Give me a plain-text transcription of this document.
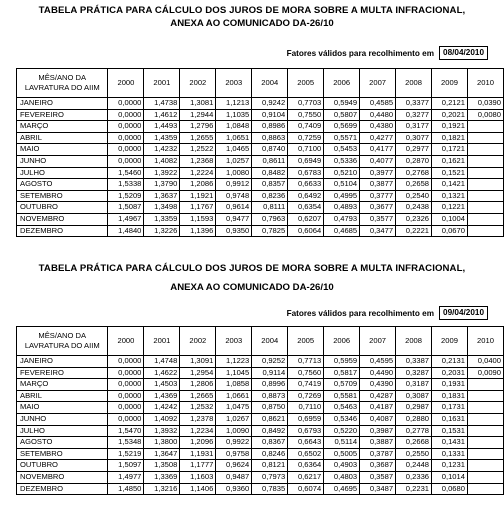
TABELA PRÁTICA PARA CÁLCULO DOS JUROS DE MORA SOBRE A MULTA INFRACIONAL,
ANEXA AO COMUNICADO DA-26/10
Fatores válidos para recolhimento em	08/04/2010
MÊS/ANO DA
LAVRATURA DO AIIM	2000	2001	2002	2003	2004	2005	2006	2007	2008	2009	2010
JANEIRO	0,0000	1,4738	1,3081	1,1213	0,9242	0,7703	0,5949	0,4585	0,3377	0,2121	0,0390
FEVEREIRO	0,0000	1,4612	1,2944	1,1035	0,9104	0,7550	0,5807	0,4480	0,3277	0,2021	0,0080
MARÇO	0,0000	1,4493	1,2796	1,0848	0,8986	0,7409	0,5699	0,4380	0,3177	0,1921	
ABRIL	0,0000	1,4359	1,2655	1,0651	0,8863	0,7259	0,5571	0,4277	0,3077	0,1821	
MAIO	0,0000	1,4232	1,2522	1,0465	0,8740	0,7100	0,5453	0,4177	0,2977	0,1721	
JUNHO	0,0000	1,4082	1,2368	1,0257	0,8611	0,6949	0,5336	0,4077	0,2870	0,1621	
JULHO	1,5460	1,3922	1,2224	1,0080	0,8482	0,6783	0,5210	0,3977	0,2768	0,1521	
AGOSTO	1,5338	1,3790	1,2086	0,9912	0,8357	0,6633	0,5104	0,3877	0,2658	0,1421	
SETEMBRO	1,5209	1,3637	1,1921	0,9748	0,8236	0,6492	0,4995	0,3777	0,2540	0,1321	
OUTUBRO	1,5087	1,3498	1,1767	0,9614	0,8111	0,6354	0,4893	0,3677	0,2438	0,1221	
NOVEMBRO	1,4967	1,3359	1,1593	0,9477	0,7963	0,6207	0,4793	0,3577	0,2326	0,1004	
DEZEMBRO	1,4840	1,3226	1,1396	0,9350	0,7825	0,6064	0,4685	0,3477	0,2221	0,0670	
TABELA PRÁTICA PARA CÁLCULO DOS JUROS DE MORA SOBRE A MULTA INFRACIONAL,
ANEXA AO COMUNICADO DA-26/10
Fatores válidos para recolhimento em	09/04/2010
MÊS/ANO DA
LAVRATURA DO AIIM	2000	2001	2002	2003	2004	2005	2006	2007	2008	2009	2010
JANEIRO	0,0000	1,4748	1,3091	1,1223	0,9252	0,7713	0,5959	0,4595	0,3387	0,2131	0,0400
FEVEREIRO	0,0000	1,4622	1,2954	1,1045	0,9114	0,7560	0,5817	0,4490	0,3287	0,2031	0,0090
MARÇO	0,0000	1,4503	1,2806	1,0858	0,8996	0,7419	0,5709	0,4390	0,3187	0,1931	
ABRIL	0,0000	1,4369	1,2665	1,0661	0,8873	0,7269	0,5581	0,4287	0,3087	0,1831	
MAIO	0,0000	1,4242	1,2532	1,0475	0,8750	0,7110	0,5463	0,4187	0,2987	0,1731	
JUNHO	0,0000	1,4092	1,2378	1,0267	0,8621	0,6959	0,5346	0,4087	0,2880	0,1631	
JULHO	1,5470	1,3932	1,2234	1,0090	0,8492	0,6793	0,5220	0,3987	0,2778	0,1531	
AGOSTO	1,5348	1,3800	1,2096	0,9922	0,8367	0,6643	0,5114	0,3887	0,2668	0,1431	
SETEMBRO	1,5219	1,3647	1,1931	0,9758	0,8246	0,6502	0,5005	0,3787	0,2550	0,1331	
OUTUBRO	1,5097	1,3508	1,1777	0,9624	0,8121	0,6364	0,4903	0,3687	0,2448	0,1231	
NOVEMBRO	1,4977	1,3369	1,1603	0,9487	0,7973	0,6217	0,4803	0,3587	0,2336	0,1014	
DEZEMBRO	1,4850	1,3216	1,1406	0,9360	0,7835	0,6074	0,4695	0,3487	0,2231	0,0680	
